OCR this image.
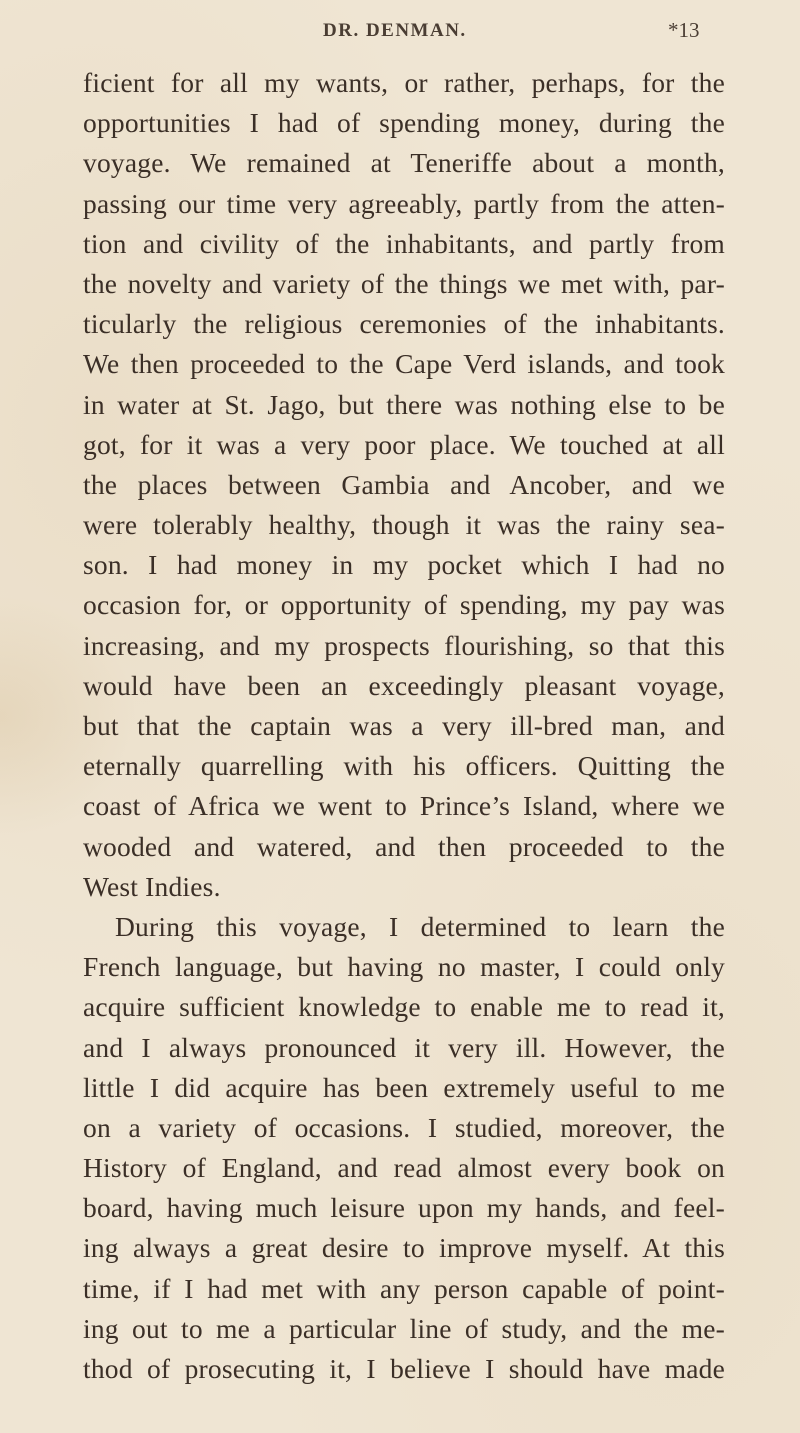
DR. DENMAN.	*13
ficient for all my wants, or rather, perhaps, for the
opportunities I had of spending money, during the
voyage. We remained at Teneriffe about a month,
passing our time very agreeably, partly from the atten-
tion and civility of the inhabitants, and partly from
the novelty and variety of the things we met with, par-
ticularly the religious ceremonies of the inhabitants.
We then proceeded to the Cape Verd islands, and took
in water at St. Jago, but there was nothing else to be
got, for it was a very poor place. We touched at all
the places between Gambia and Ancober, and we
were tolerably healthy, though it was the rainy sea-
son. I had money in my pocket which I had no
occasion for, or opportunity of spending, my pay was
increasing, and my prospects flourishing, so that this
would have been an exceedingly pleasant voyage,
but that the captain was a very ill-bred man, and
eternally quarrelling with his officers. Quitting the
coast of Africa we went to Prince’s Island, where we
wooded and watered, and then proceeded to the
West Indies.
During this voyage, I determined to learn the
French language, but having no master, I could only
acquire sufficient knowledge to enable me to read it,
and I always pronounced it very ill. However, the
little I did acquire has been extremely useful to me
on a variety of occasions. I studied, moreover, the
History of England, and read almost every book on
board, having much leisure upon my hands, and feel-
ing always a great desire to improve myself. At this
time, if I had met with any person capable of point-
ing out to me a particular line of study, and the me-
thod of prosecuting it, I believe I should have made
